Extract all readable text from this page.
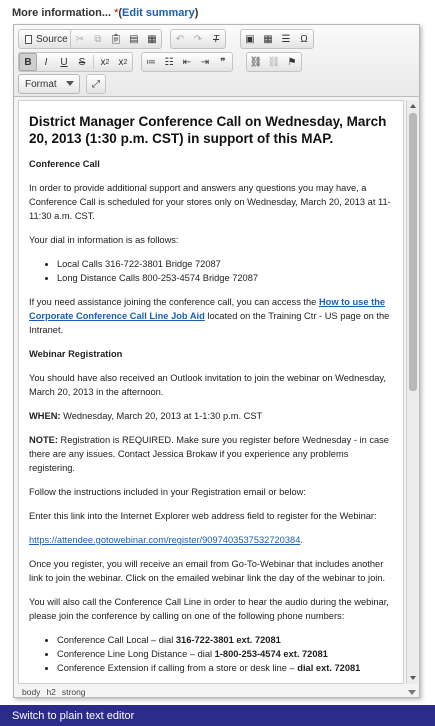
More information... *(Edit summary)
Source ✂	⧉ 📋︎ ▤ ▦	↶ ↷	T	▣ ▦ ☰ Ω
B I U S	x 2 x 2	≔ ☷ ⇤ ⇥	❞	⛓ ⛓ ⚑
Format	⤢
District Manager Conference Call on Wednesday, March 20, 2013 (1:30 p.m. CST) in support of this MAP.

Conference Call

In order to provide additional support and answers any questions you may have, a Conference Call is scheduled for your stores only on Wednesday, March 20, 2013 at 11-11:30 a.m. CST.

Your dial in information is as follows:

• Local Calls 316-722-3801 Bridge 72087
• Long Distance Calls 800-253-4574 Bridge 72087

If you need assistance joining the conference call, you can access the How to use the Corporate Conference Call Line Job Aid located on the Training Ctr - US page on the Intranet.

Webinar Registration

You should have also received an Outlook invitation to join the webinar on Wednesday, March 20, 2013 in the afternoon.

WHEN: Wednesday, March 20, 2013 at 1-1:30 p.m. CST

NOTE: Registration is REQUIRED. Make sure you register before Wednesday - in case there are any issues. Contact Jessica Brokaw if you experience any problems registering.

Follow the instructions included in your Registration email or below:

Enter this link into the Internet Explorer web address field to register for the Webinar:

https://attendee.gotowebinar.com/register/9097403537532720384.

Once you register, you will receive an email from Go-To-Webinar that includes another link to join the webinar. Click on the emailed webinar link the day of the webinar to join.

You will also call the Conference Call Line in order to hear the audio during the webinar, please join the conference by calling on one of the following phone numbers:

• Conference Call Local – dial 316-722-3801 ext. 72081
• Conference Line Long Distance – dial 1-800-253-4574 ext. 72081
• Conference Extension if calling from a store or desk line – dial ext. 72081

body h2 strong
Switch to plain text editor
